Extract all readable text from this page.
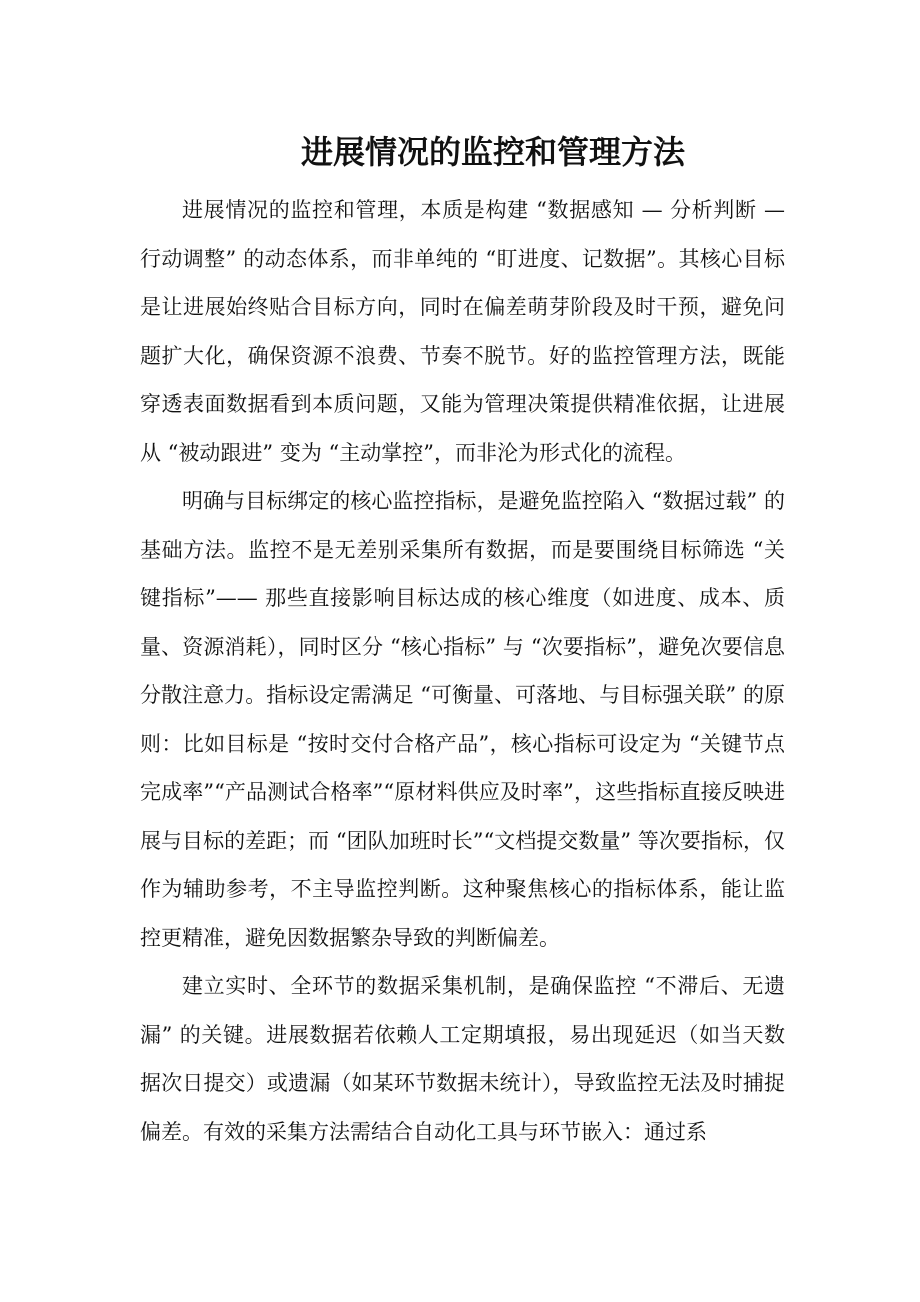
进展情况的监控和管理方法

进展情况的监控和管理，本质是构建 “数据感知 — 分析判断 — 行动调整” 的动态体系，而非单纯的 “盯进度、记数据”。其核心目标是让进展始终贴合目标方向，同时在偏差萌芽阶段及时干预，避免问题扩大化，确保资源不浪费、节奏不脱节。好的监控管理方法，既能穿透表面数据看到本质问题，又能为管理决策提供精准依据，让进展从 “被动跟进” 变为 “主动掌控”，而非沦为形式化的流程。

明确与目标绑定的核心监控指标，是避免监控陷入 “数据过载” 的基础方法。监控不是无差别采集所有数据，而是要围绕目标筛选 “关键指标”—— 那些直接影响目标达成的核心维度（如进度、成本、质量、资源消耗），同时区分 “核心指标” 与 “次要指标”，避免次要信息分散注意力。指标设定需满足 “可衡量、可落地、与目标强关联” 的原则：比如目标是 “按时交付合格产品”，核心指标可设定为 “关键节点完成率”“产品测试合格率”“原材料供应及时率”，这些指标直接反映进展与目标的差距；而 “团队加班时长”“文档提交数量” 等次要指标，仅作为辅助参考，不主导监控判断。这种聚焦核心的指标体系，能让监控更精准，避免因数据繁杂导致的判断偏差。

建立实时、全环节的数据采集机制，是确保监控 “不滞后、无遗漏” 的关键。进展数据若依赖人工定期填报，易出现延迟（如当天数据次日提交）或遗漏（如某环节数据未统计），导致监控无法及时捕捉偏差。有效的采集方法需结合自动化工具与环节嵌入：通过系
